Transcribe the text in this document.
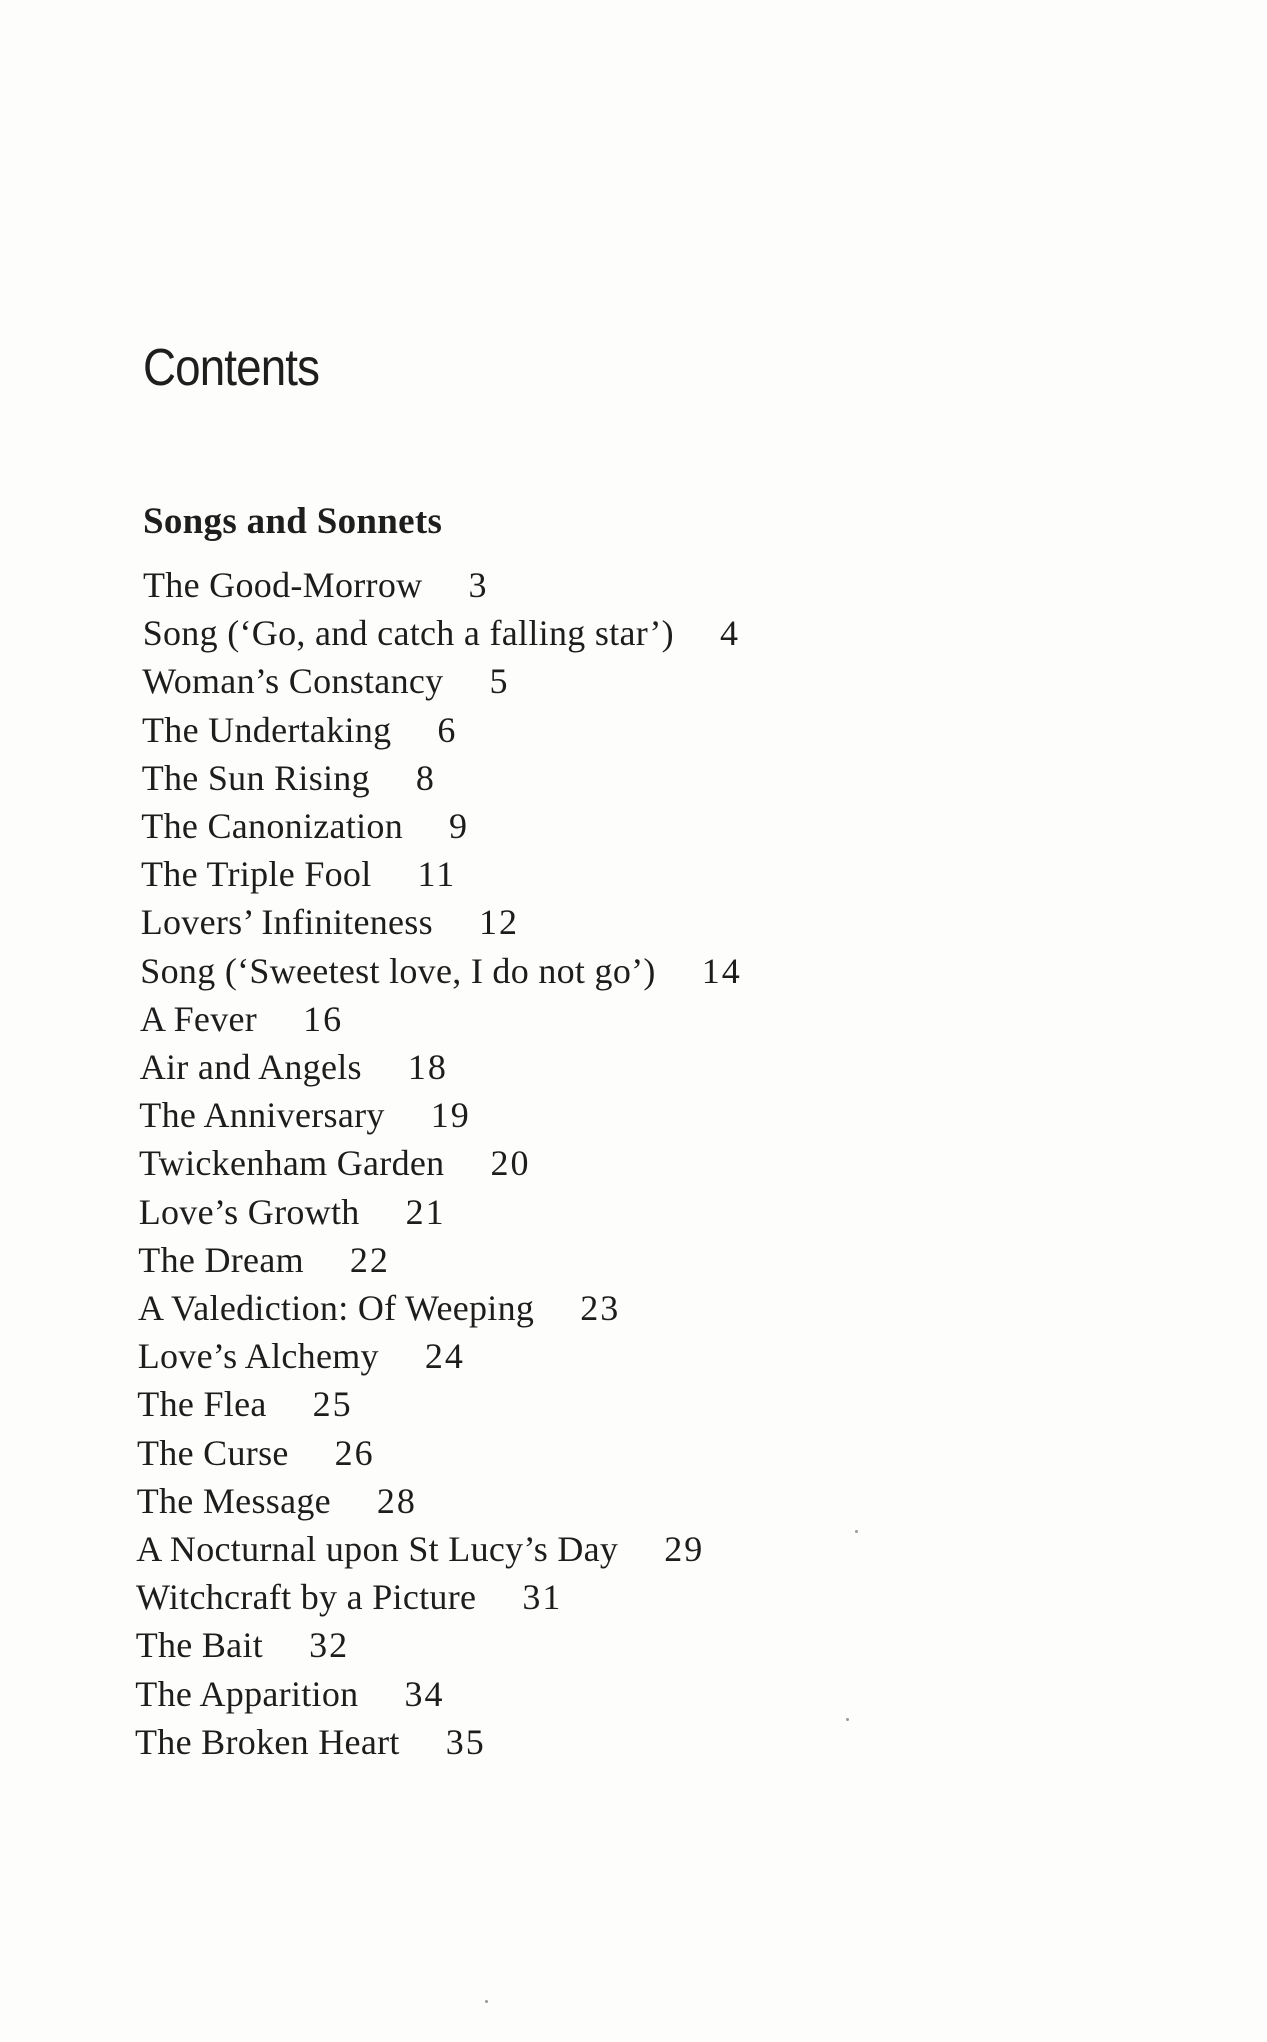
Contents
Songs and Sonnets
The Good-Morrow 3
Song (‘Go, and catch a falling star’) 4
Woman’s Constancy 5
The Undertaking 6
The Sun Rising 8
The Canonization 9
The Triple Fool 11
Lovers’ Infiniteness 12
Song (‘Sweetest love, I do not go’) 14
A Fever 16
Air and Angels 18
The Anniversary 19
Twickenham Garden 20
Love’s Growth 21
The Dream 22
A Valediction: Of Weeping 23
Love’s Alchemy 24
The Flea 25
The Curse 26
The Message 28
A Nocturnal upon St Lucy’s Day 29
Witchcraft by a Picture 31
The Bait 32
The Apparition 34
The Broken Heart 35
